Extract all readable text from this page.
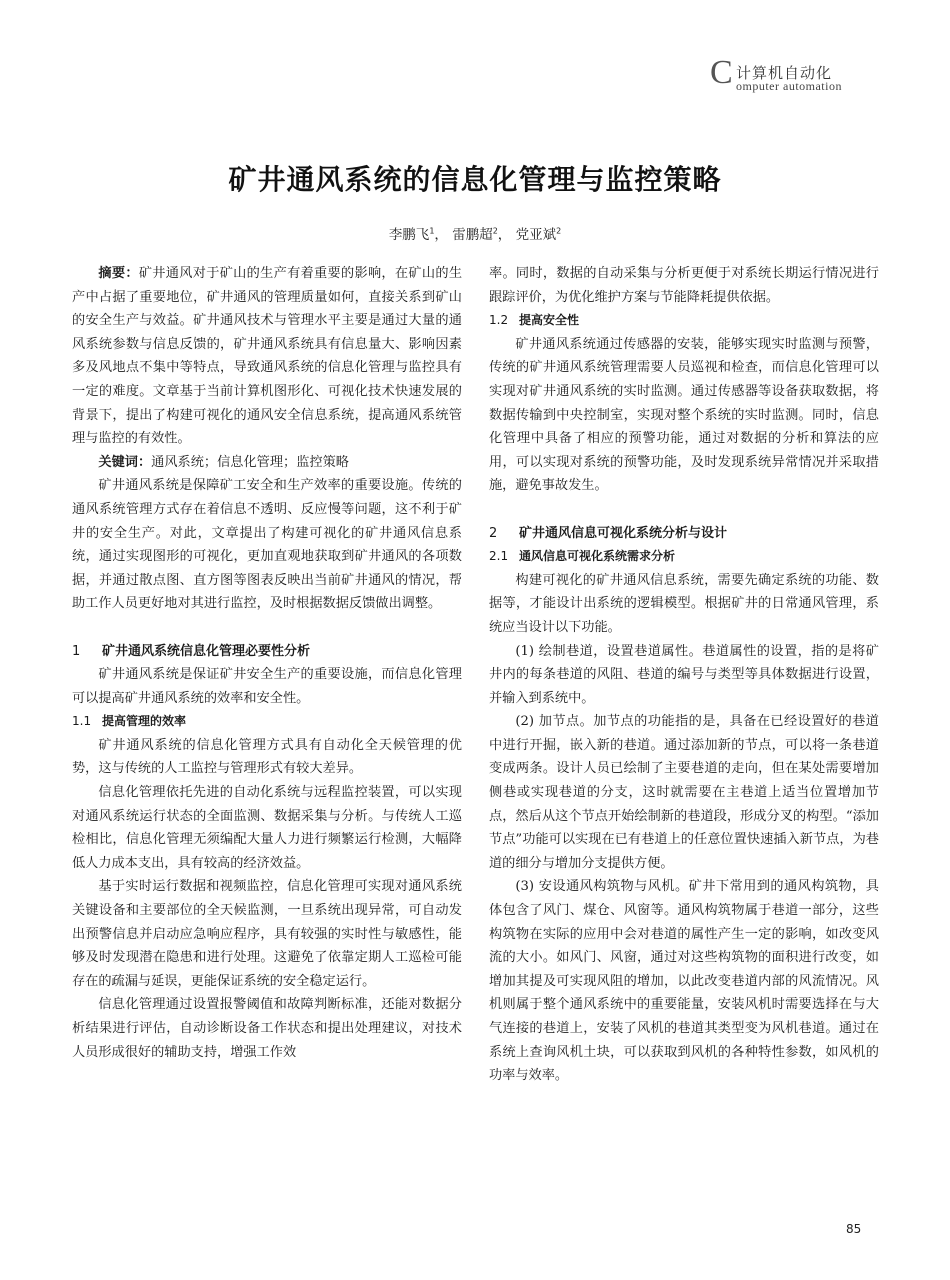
C 计算机自动化
omputer automation
矿井通风系统的信息化管理与监控策略
李鹏飞$^1$， 雷鹏超$^2$， 党亚斌$^2$

摘要：矿井通风对于矿山的生产有着重要的影响，在矿山的生产中占据了重要地位，矿井通风的管理质量如何，直接关系到矿山的安全生产与效益。矿井通风技术与管理水平主要是通过大量的通风系统参数与信息反馈的，矿井通风系统具有信息量大、影响因素多及风地点不集中等特点，导致通风系统的信息化管理与监控具有一定的难度。文章基于当前计算机图形化、可视化技术快速发展的背景下，提出了构建可视化的通风安全信息系统，提高通风系统管理与监控的有效性。

关键词：通风系统；信息化管理；监控策略

矿井通风系统是保障矿工安全和生产效率的重要设施。传统的通风系统管理方式存在着信息不透明、反应慢等问题，这不利于矿井的安全生产。对此，文章提出了构建可视化的矿井通风信息系统，通过实现图形的可视化，更加直观地获取到矿井通风的各项数据，并通过散点图、直方图等图表反映出当前矿井通风的情况，帮助工作人员更好地对其进行监控，及时根据数据反馈做出调整。

1 矿井通风系统信息化管理必要性分析

矿井通风系统是保证矿井安全生产的重要设施，而信息化管理可以提高矿井通风系统的效率和安全性。

1.1 提高管理的效率

矿井通风系统的信息化管理方式具有自动化全天候管理的优势，这与传统的人工监控与管理形式有较大差异。

信息化管理依托先进的自动化系统与远程监控装置，可以实现对通风系统运行状态的全面监测、数据采集与分析。与传统人工巡检相比，信息化管理无须编配大量人力进行频繁运行检测，大幅降低人力成本支出，具有较高的经济效益。

基于实时运行数据和视频监控，信息化管理可实现对通风系统关键设备和主要部位的全天候监测，一旦系统出现异常，可自动发出预警信息并启动应急响应程序，具有较强的实时性与敏感性，能够及时发现潜在隐患和进行处理。这避免了依靠定期人工巡检可能存在的疏漏与延误，更能保证系统的安全稳定运行。

信息化管理通过设置报警阈值和故障判断标准，还能对数据分析结果进行评估，自动诊断设备工作状态和提出处理建议，对技术人员形成很好的辅助支持，增强工作效

率。同时，数据的自动采集与分析更便于对系统长期运行情况进行跟踪评价，为优化维护方案与节能降耗提供依据。

1.2 提高安全性

矿井通风系统通过传感器的安装，能够实现实时监测与预警，传统的矿井通风系统管理需要人员巡视和检查，而信息化管理可以实现对矿井通风系统的实时监测。通过传感器等设备获取数据，将数据传输到中央控制室，实现对整个系统的实时监测。同时，信息化管理中具备了相应的预警功能，通过对数据的分析和算法的应用，可以实现对系统的预警功能，及时发现系统异常情况并采取措施，避免事故发生。

2 矿井通风信息可视化系统分析与设计

2.1 通风信息可视化系统需求分析

构建可视化的矿井通风信息系统，需要先确定系统的功能、数据等，才能设计出系统的逻辑模型。根据矿井的日常通风管理，系统应当设计以下功能。

(1) 绘制巷道，设置巷道属性。巷道属性的设置，指的是将矿井内的每条巷道的风阻、巷道的编号与类型等具体数据进行设置，并输入到系统中。

(2) 加节点。加节点的功能指的是，具备在已经设置好的巷道中进行开掘，嵌入新的巷道。通过添加新的节点，可以将一条巷道变成两条。设计人员已绘制了主要巷道的走向，但在某处需要增加侧巷或实现巷道的分支，这时就需要在主巷道上适当位置增加节点，然后从这个节点开始绘制新的巷道段，形成分叉的构型。“添加节点”功能可以实现在已有巷道上的任意位置快速插入新节点，为巷道的细分与增加分支提供方便。

(3) 安设通风构筑物与风机。矿井下常用到的通风构筑物，具体包含了风门、煤仓、风窗等。通风构筑物属于巷道一部分，这些构筑物在实际的应用中会对巷道的属性产生一定的影响，如改变风流的大小。如风门、风窗，通过对这些构筑物的面积进行改变，如增加其提及可实现风阻的增加，以此改变巷道内部的风流情况。风机则属于整个通风系统中的重要能量，安装风机时需要选择在与大气连接的巷道上，安装了风机的巷道其类型变为风机巷道。通过在系统上查询风机土块，可以获取到风机的各种特性参数，如风机的功率与效率。

85
